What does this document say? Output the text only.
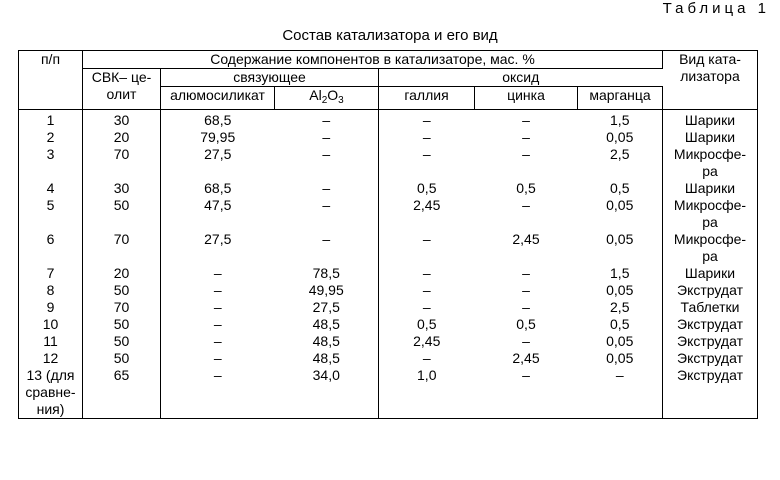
Таблица 1
Состав катализатора и его вид
п/п	Содержание компонентов в катализаторе, мас. %						Вид ката-
лизатора

	СВК– це-
олит	связующее		оксид			
		алюмосиликат	$Al_2O_3$	галлия	цинка	марганца	

1	30	68,5	–	–	–	1,5	Шарики

2	20	79,95	–	–	–	0,05	Шарики

3	70	27,5	–	–	–	2,5	Микросфе-
ра

4	30	68,5	–	0,5	0,5	0,5	Шарики

5	50	47,5	–	2,45	–	0,05	Микросфе-
ра

6	70	27,5	–	–	2,45	0,05	Микросфе-
ра

7	20	–	78,5	–	–	1,5	Шарики

8	50	–	49,95	–	–	0,05	Экструдат

9	70	–	27,5	–	–	2,5	Таблетки

10	50	–	48,5	0,5	0,5	0,5	Экструдат

11	50	–	48,5	2,45	–	0,05	Экструдат

12	50	–	48,5	–	2,45	0,05	Экструдат

13 (для
сравне-
ния)	65	–	34,0	1,0	–	–	Экструдат
